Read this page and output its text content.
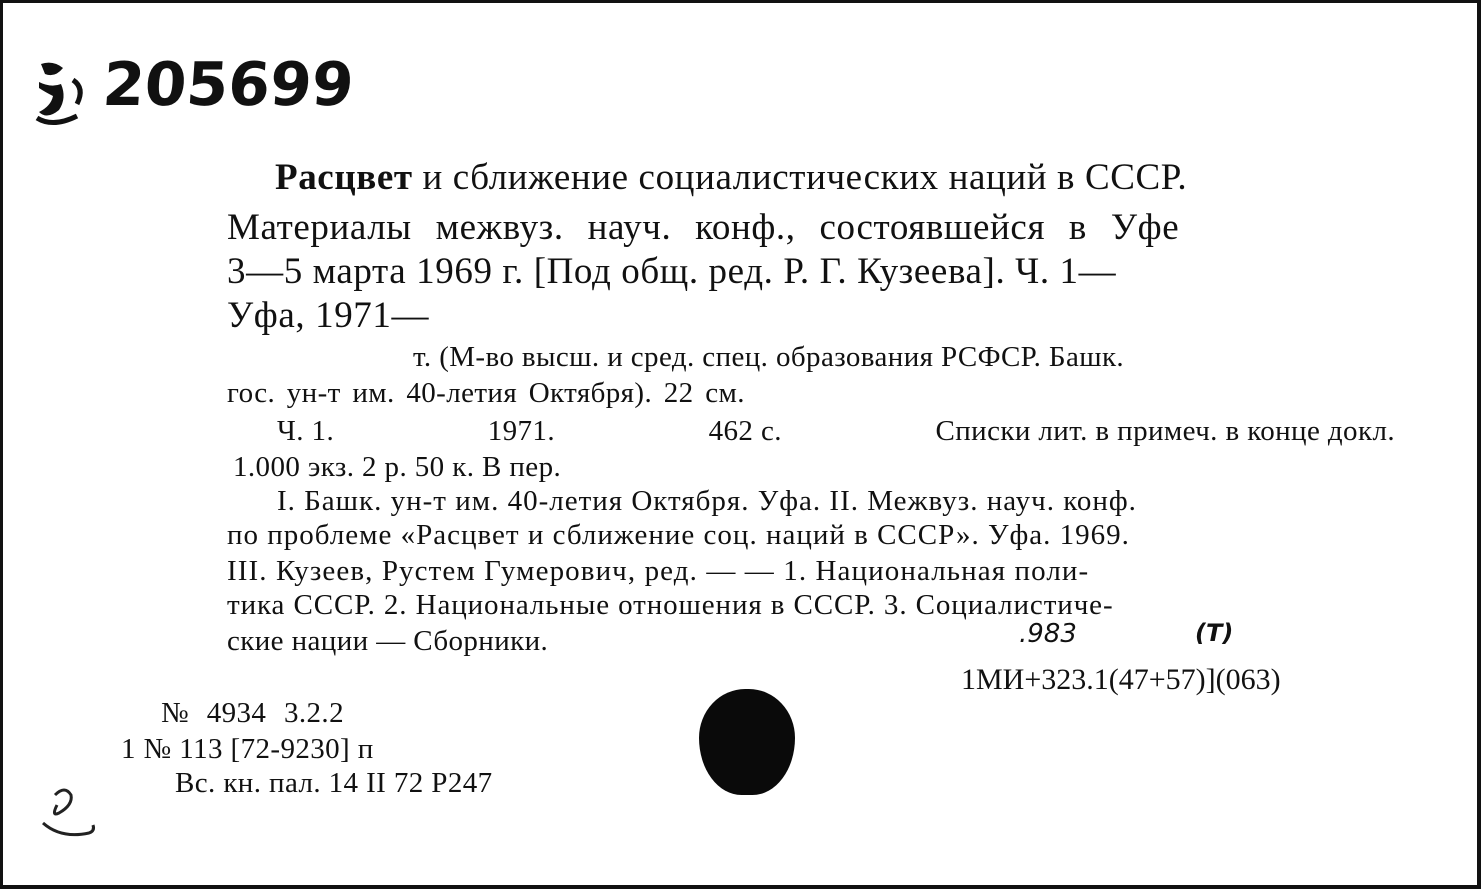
205699
Расцвет и сближение социалистических наций в СССР.
Материалы межвуз. науч. конф., состоявшейся в Уфе
3—5 марта 1969 г. [Под общ. ред. Р. Г. Кузеева]. Ч. 1—
Уфа, 1971—
т. (М-во высш. и сред. спец. образования РСФСР. Башк.
гос. ун-т им. 40-летия Октября). 22 см.
Ч. 1.	1971.	462 с.	Списки лит. в примеч. в конце докл.
1.000 экз. 2 р. 50 к. В пер.
I. Башк. ун-т им. 40-летия Октября. Уфа. II. Межвуз. науч. конф.
по проблеме «Расцвет и сближение соц. наций в СССР». Уфа. 1969.
III. Кузеев, Рустем Гумерович, ред. — — 1. Национальная поли-
тика СССР. 2. Национальные отношения в СССР. 3. Социалистиче-
ские нации — Сборники.	.983	(Т)
1МИ+323.1(47+57)](063)
№ 4934 3.2.2
1 № 113 [72-9230] п
Вс. кн. пал. 14 II 72 Р247
